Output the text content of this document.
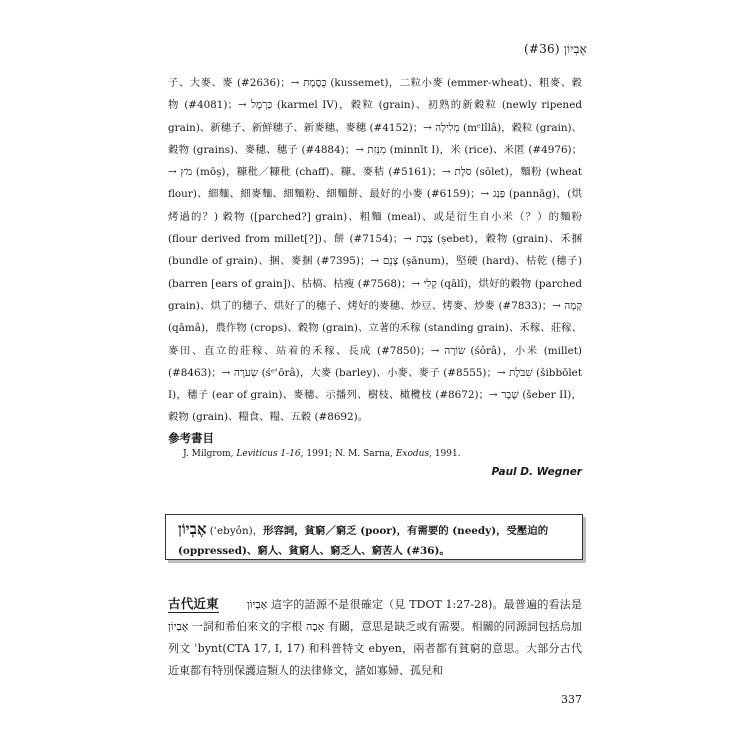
אֶבְיוֹן (#36)

子、大麥、麥 (#2636)；→ כֻּסֶּמֶת (kussemet)，二粒小麥 (emmer-wheat)、粗麥、穀物 (#4081)；→ כַּרְמֶל (karmel IV)，穀粒 (grain)、初熟的新穀粒 (newly ripened grain)、新穗子、新鮮穗子、新麥穗、麥穗 (#4152)；→ מְלִילָה (mᵉlîlâ)，穀粒 (grain)、穀物 (grains)、麥穗、穗子 (#4884)；→ מִנְּזִת (minnīt I)，米 (rice)、米匿 (#4976)；→ מֹץ (mōṣ)，糠秕／糠秕 (chaff)、糠、麥秸 (#5161)；→ סֹלֶת (sōlet)，麵粉 (wheat flour)、細麵、細麥麵、細麵粉、細麵餅、最好的小麥 (#6159)；→ פַּנַּג (pannāg)，(烘烤過的？) 穀物 ([parched?] grain)、粗麵 (meal)、或是衍生自小米（？）的麵粉 (flour derived from millet[?])、餅 (#7154)；→ צֶבֶת (ṣebet)，穀物 (grain)、禾捆 (bundle of grain)、捆、麥捆 (#7395)；→ צָנֻם (ṣānum)，堅硬 (hard)、枯乾 (穗子)(barren [ears of grain])、枯槁、枯瘦 (#7568)；→ קָלִי (qālî)，烘好的穀物 (parched grain)、烘了的穗子、烘好了的穗子、烤好的麥穗、炒豆、烤麥、炒麥 (#7833)；→ קָמָה (qāmâ)，農作物 (crops)、穀物 (grain)、立著的禾稼 (standing grain)、禾稼、莊稼、麥田、直立的莊稼、站着的禾稼、長成 (#7850)；→ שׂוֹרָה (śôrâ)，小米 (millet)(#8463)；→ שְׂעֹרָה (śᵉʿōrâ)，大麥 (barley)、小麥、麥子 (#8555)；→ שִׁבֹּלֶת (šibbōlet I)，穗子 (ear of grain)、麥穗、示播列、樹枝、橄欖枝 (#8672)；→ שֶׁבֶר (šeber II)，穀物 (grain)、糧食、糧、五穀 (#8692)。

參考書目

J. Milgrom, Leviticus 1-16, 1991; N. M. Sarna, Exodus, 1991.

Paul D. Wegner
אֶבְיוֹן (ʾebyôn)，形容詞，貧窮／窮乏 (poor)，有需要的 (needy)，受壓迫的 (oppressed)、窮人、貧窮人、窮乏人、窮苦人 (#36)。

古代近東	אֶבְיוֹן 這字的語源不是很確定（見 TDOT 1:27-28)。最普遍的看法是 אֶבְיוֹן 一詞和希伯來文的字根 אָבָה 有關，意思是缺乏或有需要。相關的同源詞包括烏加列文 ʾbynt(CTA 17, I, 17) 和科普特文 ebyen，兩者都有貧窮的意思。大部分古代近東都有特別保護這類人的法律條文，諸如寡婦、孤兒和

337
